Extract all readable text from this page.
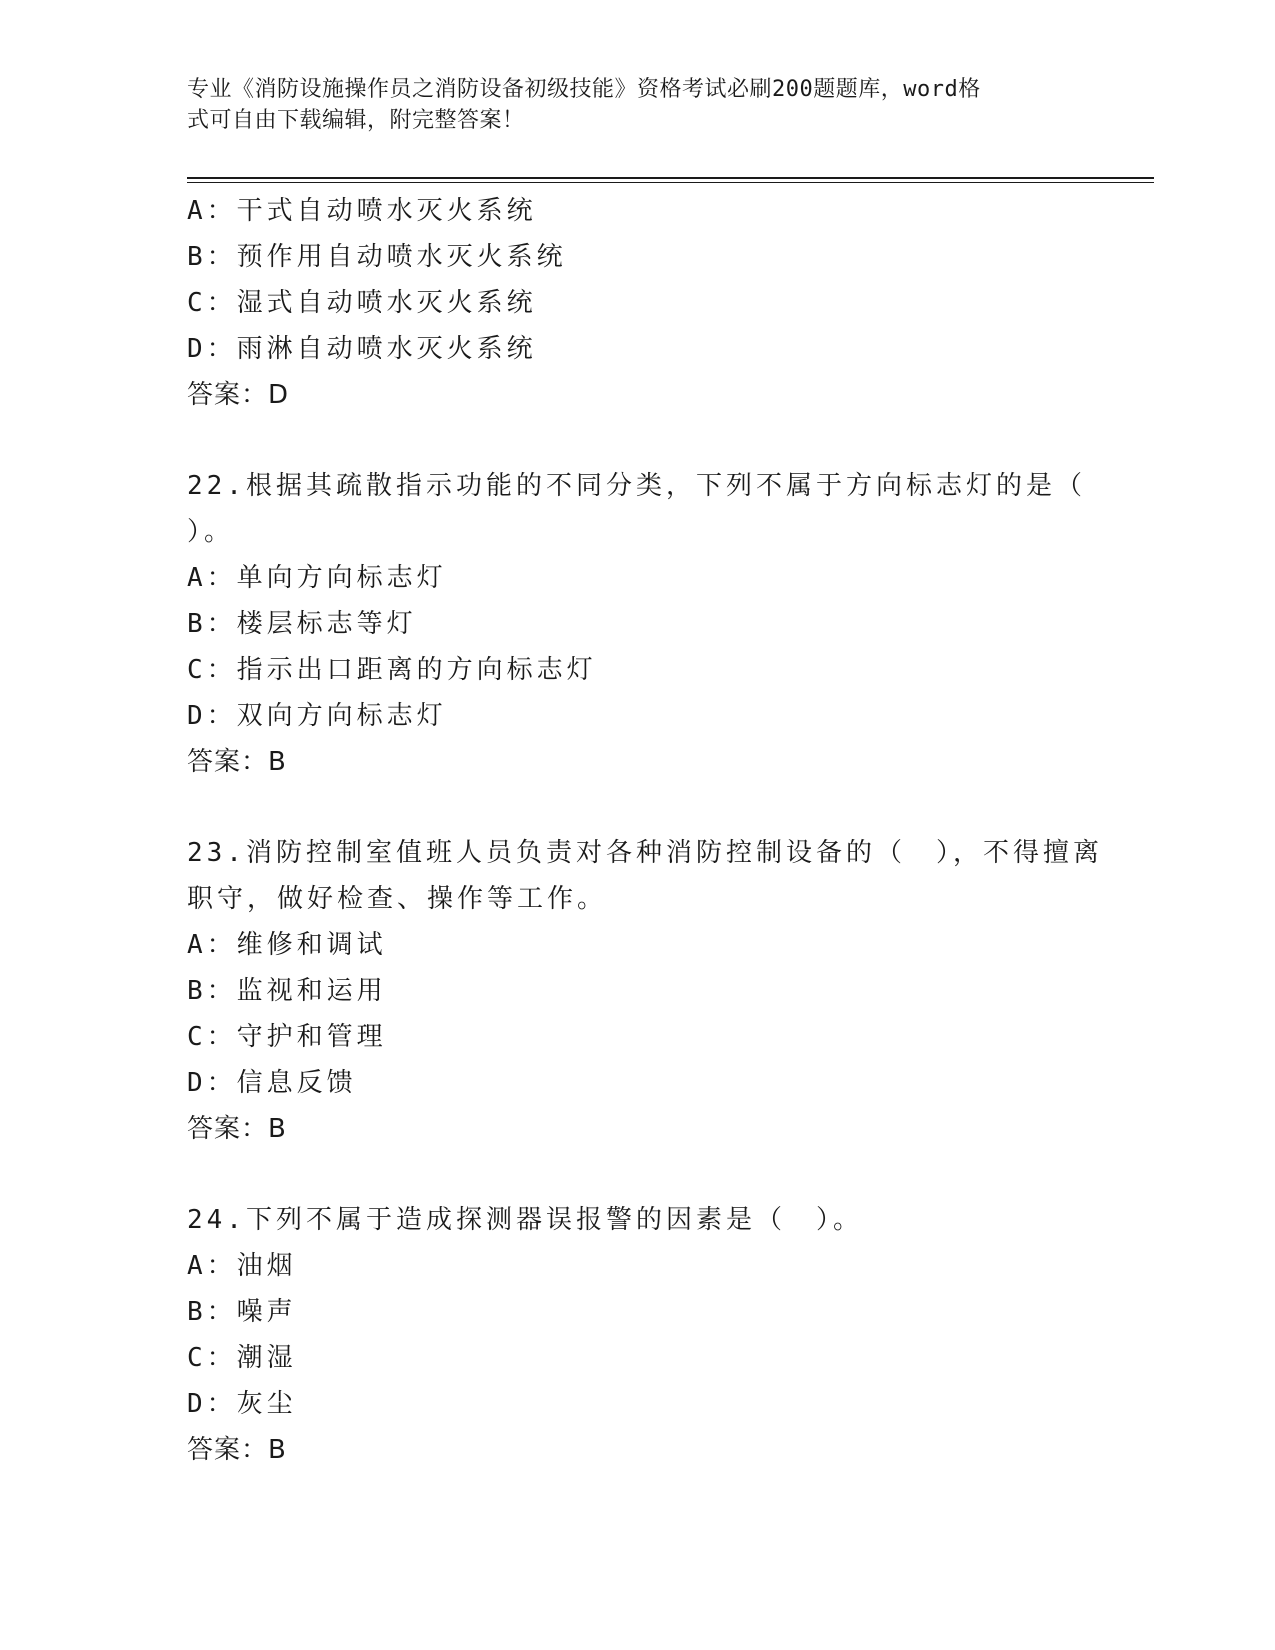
专业《消防设施操作员之消防设备初级技能》资格考试必刷200题题库，word格
式可自由下载编辑，附完整答案！
A：干式自动喷水灭火系统
B：预作用自动喷水灭火系统
C：湿式自动喷水灭火系统
D：雨淋自动喷水灭火系统
答案：D
22.根据其疏散指示功能的不同分类，下列不属于方向标志灯的是（
）。
A：单向方向标志灯
B：楼层标志等灯
C：指示出口距离的方向标志灯
D：双向方向标志灯
答案：B
23.消防控制室值班人员负责对各种消防控制设备的（　），不得擅离
职守，做好检查、操作等工作。
A：维修和调试
B：监视和运用
C：守护和管理
D：信息反馈
答案：B
24.下列不属于造成探测器误报警的因素是（　）。
A：油烟
B：噪声
C：潮湿
D：灰尘
答案：B
